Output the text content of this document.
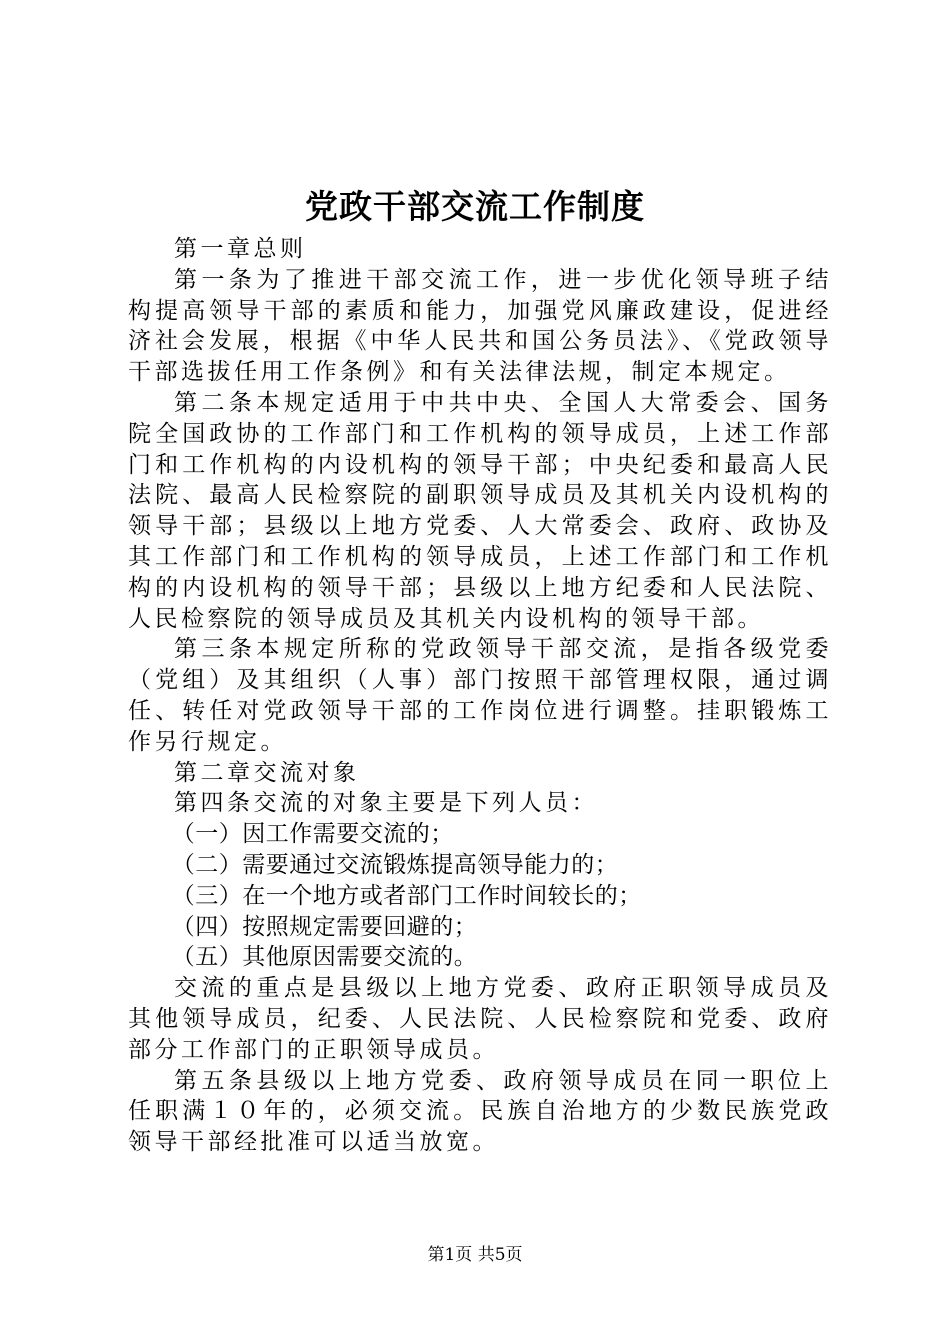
党政干部交流工作制度

第一章总则

第一条为了推进干部交流工作，进一步优化领导班子结构提高领导干部的素质和能力，加强党风廉政建设，促进经济社会发展，根据《中华人民共和国公务员法》、《党政领导干部选拔任用工作条例》和有关法律法规，制定本规定。

第二条本规定适用于中共中央、全国人大常委会、国务院全国政协的工作部门和工作机构的领导成员，上述工作部门和工作机构的内设机构的领导干部；中央纪委和最高人民法院、最高人民检察院的副职领导成员及其机关内设机构的领导干部；县级以上地方党委、人大常委会、政府、政协及其工作部门和工作机构的领导成员，上述工作部门和工作机构的内设机构的领导干部；县级以上地方纪委和人民法院、人民检察院的领导成员及其机关内设机构的领导干部。

第三条本规定所称的党政领导干部交流，是指各级党委（党组）及其组织（人事）部门按照干部管理权限，通过调任、转任对党政领导干部的工作岗位进行调整。挂职锻炼工作另行规定。

第二章交流对象

第四条交流的对象主要是下列人员：

（一）因工作需要交流的；

（二）需要通过交流锻炼提高领导能力的；

（三）在一个地方或者部门工作时间较长的；

（四）按照规定需要回避的；

（五）其他原因需要交流的。

交流的重点是县级以上地方党委、政府正职领导成员及其他领导成员，纪委、人民法院、人民检察院和党委、政府部分工作部门的正职领导成员。

第五条县级以上地方党委、政府领导成员在同一职位上任职满１０年的，必须交流。民族自治地方的少数民族党政领导干部经批准可以适当放宽。

第1页 共5页
